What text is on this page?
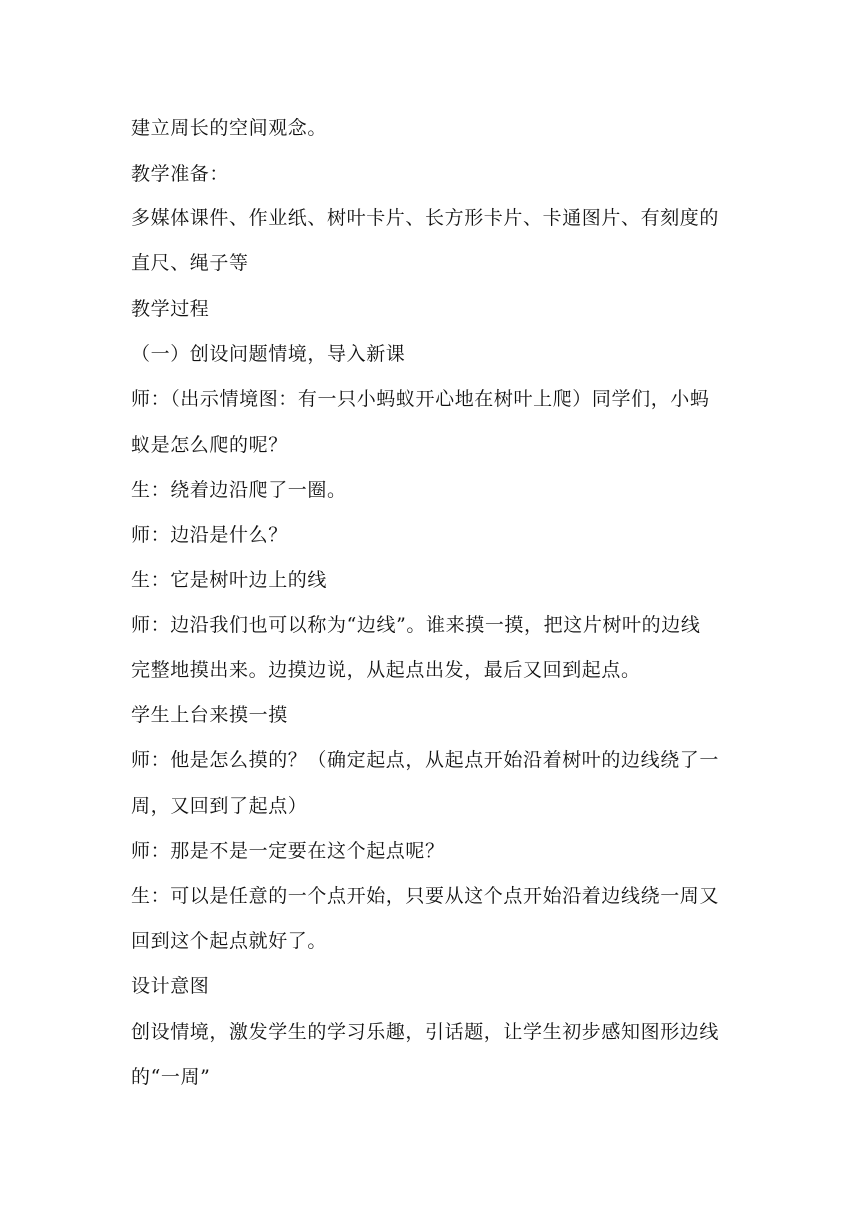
建立周长的空间观念。
教学准备：
多媒体课件、作业纸、树叶卡片、长方形卡片、卡通图片、有刻度的
直尺、绳子等
教学过程
（一）创设问题情境，导入新课
师：（出示情境图：有一只小蚂蚁开心地在树叶上爬）同学们，小蚂
蚁是怎么爬的呢？
生：绕着边沿爬了一圈。
师：边沿是什么？
生：它是树叶边上的线
师：边沿我们也可以称为“边线”。谁来摸一摸，把这片树叶的边线
完整地摸出来。边摸边说，从起点出发，最后又回到起点。
学生上台来摸一摸
师：他是怎么摸的？（确定起点，从起点开始沿着树叶的边线绕了一
周，又回到了起点）
师：那是不是一定要在这个起点呢？
生：可以是任意的一个点开始，只要从这个点开始沿着边线绕一周又
回到这个起点就好了。
设计意图
创设情境，激发学生的学习乐趣，引话题，让学生初步感知图形边线
的“一周”
